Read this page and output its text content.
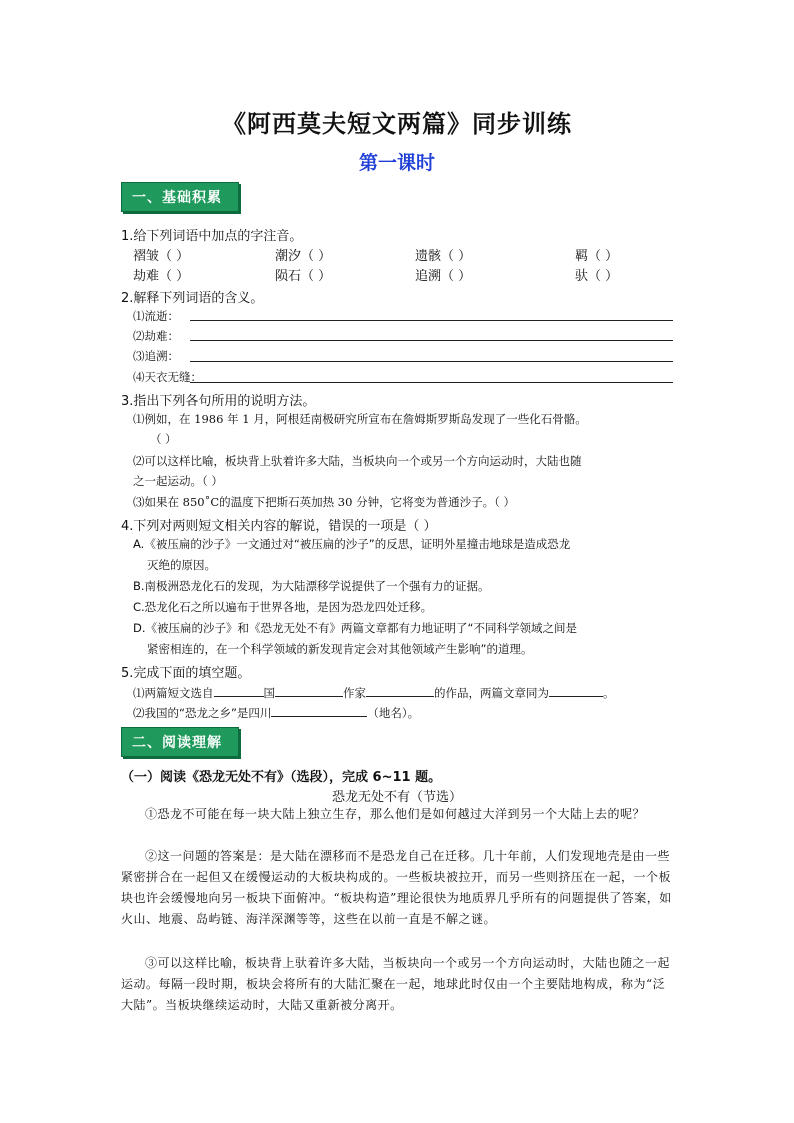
《阿西莫夫短文两篇》同步训练
第一课时
一、基础积累
1.给下列词语中加点的字注音。
褶皱（ ）	潮汐（ ）	遗骸（ ）	羁（ ）
劫难（ ）	陨石（ ）	追溯（ ）	驮（ ）
2.解释下列词语的含义。
⑴流逝：
⑵劫难：
⑶追溯：
⑷天衣无缝：
3.指出下列各句所用的说明方法。
⑴例如，在 1986 年 1 月，阿根廷南极研究所宣布在詹姆斯罗斯岛发现了一些化石骨骼。
（ ）
⑵可以这样比喻，板块背上驮着许多大陆，当板块向一个或另一个方向运动时，大陆也随
之一起运动。（ ）
⑶如果在 850˚C的温度下把斯石英加热 30 分钟，它将变为普通沙子。（ ）
4.下列对两则短文相关内容的解说，错误的一项是（ ）
A.《被压扁的沙子》一文通过对“被压扁的沙子”的反思，证明外星撞击地球是造成恐龙
灭绝的原因。
B.南极洲恐龙化石的发现，为大陆漂移学说提供了一个强有力的证据。
C.恐龙化石之所以遍布于世界各地，是因为恐龙四处迁移。
D.《被压扁的沙子》和《恐龙无处不有》两篇文章都有力地证明了“不同科学领域之间是
紧密相连的，在一个科学领域的新发现肯定会对其他领域产生影响”的道理。
5.完成下面的填空题。
⑴两篇短文选自	国	作家	的作品，两篇文章同为	。
⑵我国的“恐龙之乡”是四川	（地名）。
二、阅读理解
（一）阅读《恐龙无处不有》（选段），完成 6~11 题。
恐龙无处不有（节选）
①恐龙不可能在每一块大陆上独立生存，那么他们是如何越过大洋到另一个大陆上去的呢？
②这一问题的答案是：是大陆在漂移而不是恐龙自己在迁移。几十年前，人们发现地壳是由一些紧密拼合在一起但又在缓慢运动的大板块构成的。一些板块被拉开，而另一些则挤压在一起，一个板块也许会缓慢地向另一板块下面俯冲。“板块构造”理论很快为地质界几乎所有的问题提供了答案，如火山、地震、岛屿链、海洋深渊等等，这些在以前一直是不解之谜。
③可以这样比喻，板块背上驮着许多大陆，当板块向一个或另一个方向运动时，大陆也随之一起运动。每隔一段时期，板块会将所有的大陆汇聚在一起，地球此时仅由一个主要陆地构成，称为“泛大陆”。当板块继续运动时，大陆又重新被分离开。
